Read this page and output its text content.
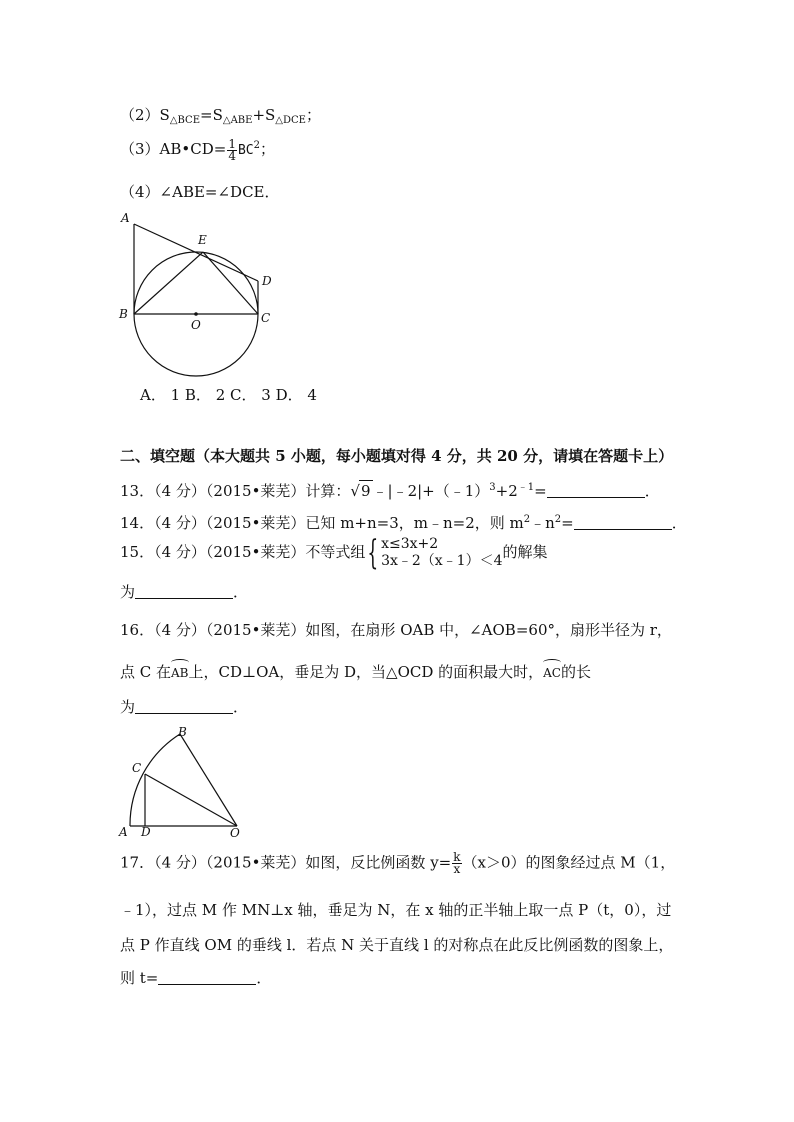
$(2)S_{\triangle BCE}=S_{\triangle ABE}+S_{\triangle DCE}$；
（3）AB•CD= $\frac{1}{4} BC^2$；
（4）∠ABE=∠DCE．
A
E
D
B
O	C
A． 1 B． 2 C． 3 D． 4
二、填空题（本大题共 5 小题，每小题填对得 4 分，共 20 分，请填在答题卡上）
13．（4 分）（2015•莱芜）计算：√9 $﹣|﹣2|+(﹣1)^3+2^{﹣1}=$	．
14．（4 分）（2015•莱芜）已知 m+n=3，m﹣n=2，则 $m^2﹣n^2=$	．
15．（4 分）（2015•莱芜）不等式组{ x≤3x+2
3x﹣2（x﹣1）＜4 的解集
为	．
16．（4 分）（2015•莱芜）如图，在扇形 OAB 中，∠AOB=60°，扇形半径为 r，
点 C 在AB上，CD⊥OA，垂足为 D，当△OCD 的面积最大时，AC的长
为	．
B
C
A D	O
17．（4 分）（2015•莱芜）如图，反比例函数 $y= \frac{k}{x} (x>0)$的图象经过点 M（1，
﹣1），过点 M 作 MN⊥x 轴，垂足为 N，在 x 轴的正半轴上取一点 P（t，0），过
点 P 作直线 OM 的垂线 l．若点 N 关于直线 l 的对称点在此反比例函数的图象上，
则 t=	．
